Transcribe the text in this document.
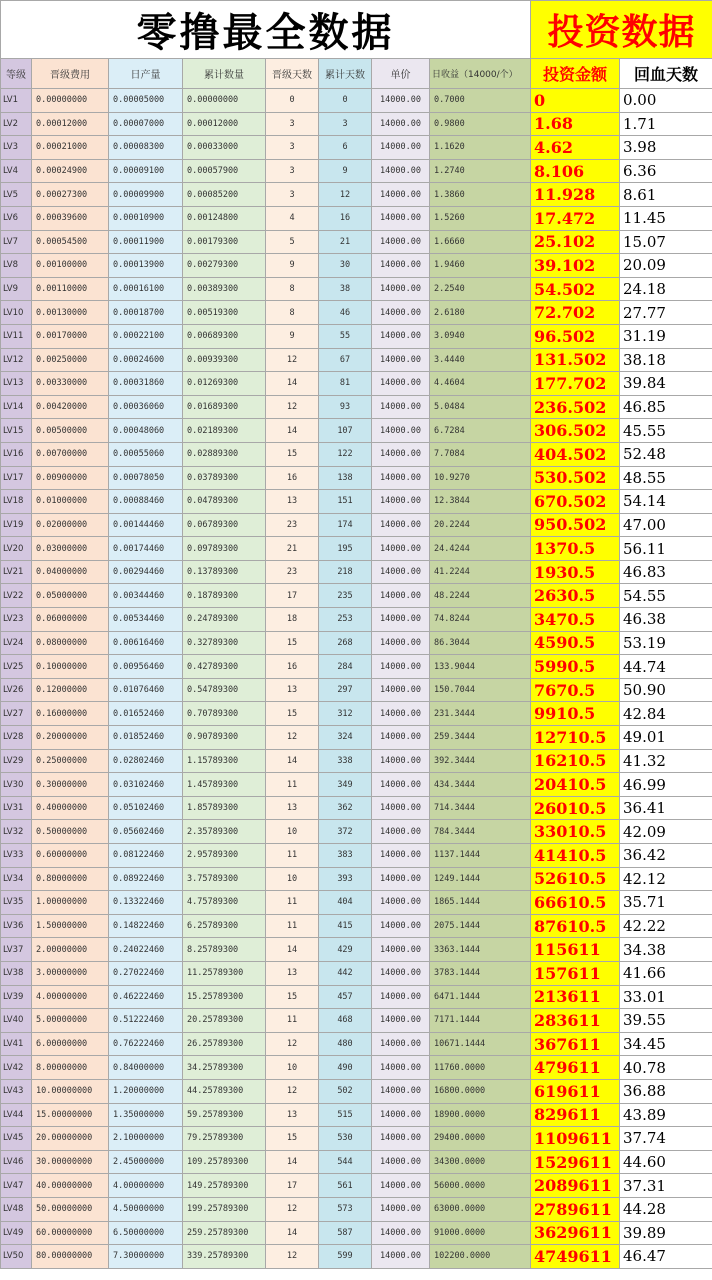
零撸最全数据								投资数据	
等级	晋级费用	日产量	累计数量	晋级天数	累计天数	单价	日收益（14000/个）	投资金额	回血天数
LV1	0.00000000	0.00005000	0.00000000	0	0	14000.00	0.7000	0	0.00
LV2	0.00012000	0.00007000	0.00012000	3	3	14000.00	0.9800	1.68	1.71
LV3	0.00021000	0.00008300	0.00033000	3	6	14000.00	1.1620	4.62	3.98
LV4	0.00024900	0.00009100	0.00057900	3	9	14000.00	1.2740	8.106	6.36
LV5	0.00027300	0.00009900	0.00085200	3	12	14000.00	1.3860	11.928	8.61
LV6	0.00039600	0.00010900	0.00124800	4	16	14000.00	1.5260	17.472	11.45
LV7	0.00054500	0.00011900	0.00179300	5	21	14000.00	1.6660	25.102	15.07
LV8	0.00100000	0.00013900	0.00279300	9	30	14000.00	1.9460	39.102	20.09
LV9	0.00110000	0.00016100	0.00389300	8	38	14000.00	2.2540	54.502	24.18
LV10	0.00130000	0.00018700	0.00519300	8	46	14000.00	2.6180	72.702	27.77
LV11	0.00170000	0.00022100	0.00689300	9	55	14000.00	3.0940	96.502	31.19
LV12	0.00250000	0.00024600	0.00939300	12	67	14000.00	3.4440	131.502	38.18
LV13	0.00330000	0.00031860	0.01269300	14	81	14000.00	4.4604	177.702	39.84
LV14	0.00420000	0.00036060	0.01689300	12	93	14000.00	5.0484	236.502	46.85
LV15	0.00500000	0.00048060	0.02189300	14	107	14000.00	6.7284	306.502	45.55
LV16	0.00700000	0.00055060	0.02889300	15	122	14000.00	7.7084	404.502	52.48
LV17	0.00900000	0.00078050	0.03789300	16	138	14000.00	10.9270	530.502	48.55
LV18	0.01000000	0.00088460	0.04789300	13	151	14000.00	12.3844	670.502	54.14
LV19	0.02000000	0.00144460	0.06789300	23	174	14000.00	20.2244	950.502	47.00
LV20	0.03000000	0.00174460	0.09789300	21	195	14000.00	24.4244	1370.5	56.11
LV21	0.04000000	0.00294460	0.13789300	23	218	14000.00	41.2244	1930.5	46.83
LV22	0.05000000	0.00344460	0.18789300	17	235	14000.00	48.2244	2630.5	54.55
LV23	0.06000000	0.00534460	0.24789300	18	253	14000.00	74.8244	3470.5	46.38
LV24	0.08000000	0.00616460	0.32789300	15	268	14000.00	86.3044	4590.5	53.19
LV25	0.10000000	0.00956460	0.42789300	16	284	14000.00	133.9044	5990.5	44.74
LV26	0.12000000	0.01076460	0.54789300	13	297	14000.00	150.7044	7670.5	50.90
LV27	0.16000000	0.01652460	0.70789300	15	312	14000.00	231.3444	9910.5	42.84
LV28	0.20000000	0.01852460	0.90789300	12	324	14000.00	259.3444	12710.5	49.01
LV29	0.25000000	0.02802460	1.15789300	14	338	14000.00	392.3444	16210.5	41.32
LV30	0.30000000	0.03102460	1.45789300	11	349	14000.00	434.3444	20410.5	46.99
LV31	0.40000000	0.05102460	1.85789300	13	362	14000.00	714.3444	26010.5	36.41
LV32	0.50000000	0.05602460	2.35789300	10	372	14000.00	784.3444	33010.5	42.09
LV33	0.60000000	0.08122460	2.95789300	11	383	14000.00	1137.1444	41410.5	36.42
LV34	0.80000000	0.08922460	3.75789300	10	393	14000.00	1249.1444	52610.5	42.12
LV35	1.00000000	0.13322460	4.75789300	11	404	14000.00	1865.1444	66610.5	35.71
LV36	1.50000000	0.14822460	6.25789300	11	415	14000.00	2075.1444	87610.5	42.22
LV37	2.00000000	0.24022460	8.25789300	14	429	14000.00	3363.1444	115611	34.38
LV38	3.00000000	0.27022460	11.25789300	13	442	14000.00	3783.1444	157611	41.66
LV39	4.00000000	0.46222460	15.25789300	15	457	14000.00	6471.1444	213611	33.01
LV40	5.00000000	0.51222460	20.25789300	11	468	14000.00	7171.1444	283611	39.55
LV41	6.00000000	0.76222460	26.25789300	12	480	14000.00	10671.1444	367611	34.45
LV42	8.00000000	0.84000000	34.25789300	10	490	14000.00	11760.0000	479611	40.78
LV43	10.00000000	1.20000000	44.25789300	12	502	14000.00	16800.0000	619611	36.88
LV44	15.00000000	1.35000000	59.25789300	13	515	14000.00	18900.0000	829611	43.89
LV45	20.00000000	2.10000000	79.25789300	15	530	14000.00	29400.0000	1109611	37.74
LV46	30.00000000	2.45000000	109.25789300	14	544	14000.00	34300.0000	1529611	44.60
LV47	40.00000000	4.00000000	149.25789300	17	561	14000.00	56000.0000	2089611	37.31
LV48	50.00000000	4.50000000	199.25789300	12	573	14000.00	63000.0000	2789611	44.28
LV49	60.00000000	6.50000000	259.25789300	14	587	14000.00	91000.0000	3629611	39.89
LV50	80.00000000	7.30000000	339.25789300	12	599	14000.00	102200.0000	4749611	46.47
